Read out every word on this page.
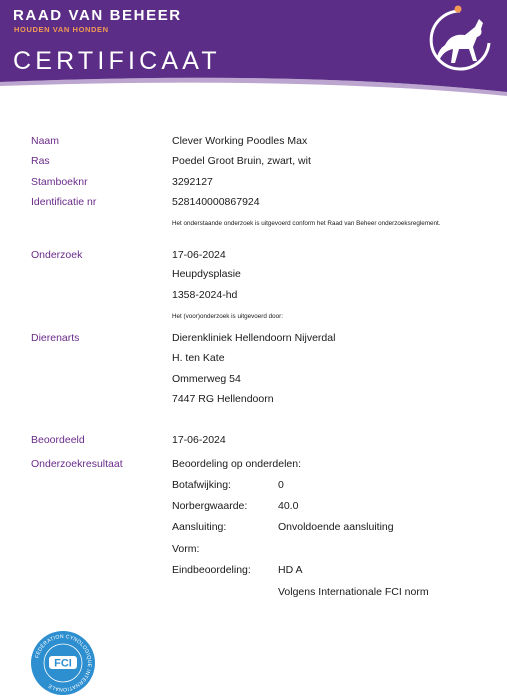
RAAD VAN BEHEER
HOUDEN VAN HONDEN
CERTIFICAAT
Naam	Clever Working Poodles Max
Ras	Poedel Groot Bruin, zwart, wit
Stamboeknr	3292127
Identificatie nr	528140000867924
Het onderstaande onderzoek is uitgevoerd conform het Raad van Beheer onderzoeksreglement.
Onderzoek	17-06-2024
Heupdysplasie
1358-2024-hd
Het (voor)onderzoek is uitgevoerd door:
Dierenarts	Dierenkliniek Hellendoorn Nijverdal
H. ten Kate
Ommerweg 54
7447 RG Hellendoorn
Beoordeeld	17-06-2024
Onderzoekresultaat	Beoordeling op onderdelen:
Botafwijking:	0
Norbergwaarde:	40.0
Aansluiting:	Onvoldoende aansluiting
Vorm:
Eindbeoordeling:	HD A
Volgens Internationale FCI norm
FÉDÉRATION CYNOLOGIQUE INTERNATIONALE
FCI
